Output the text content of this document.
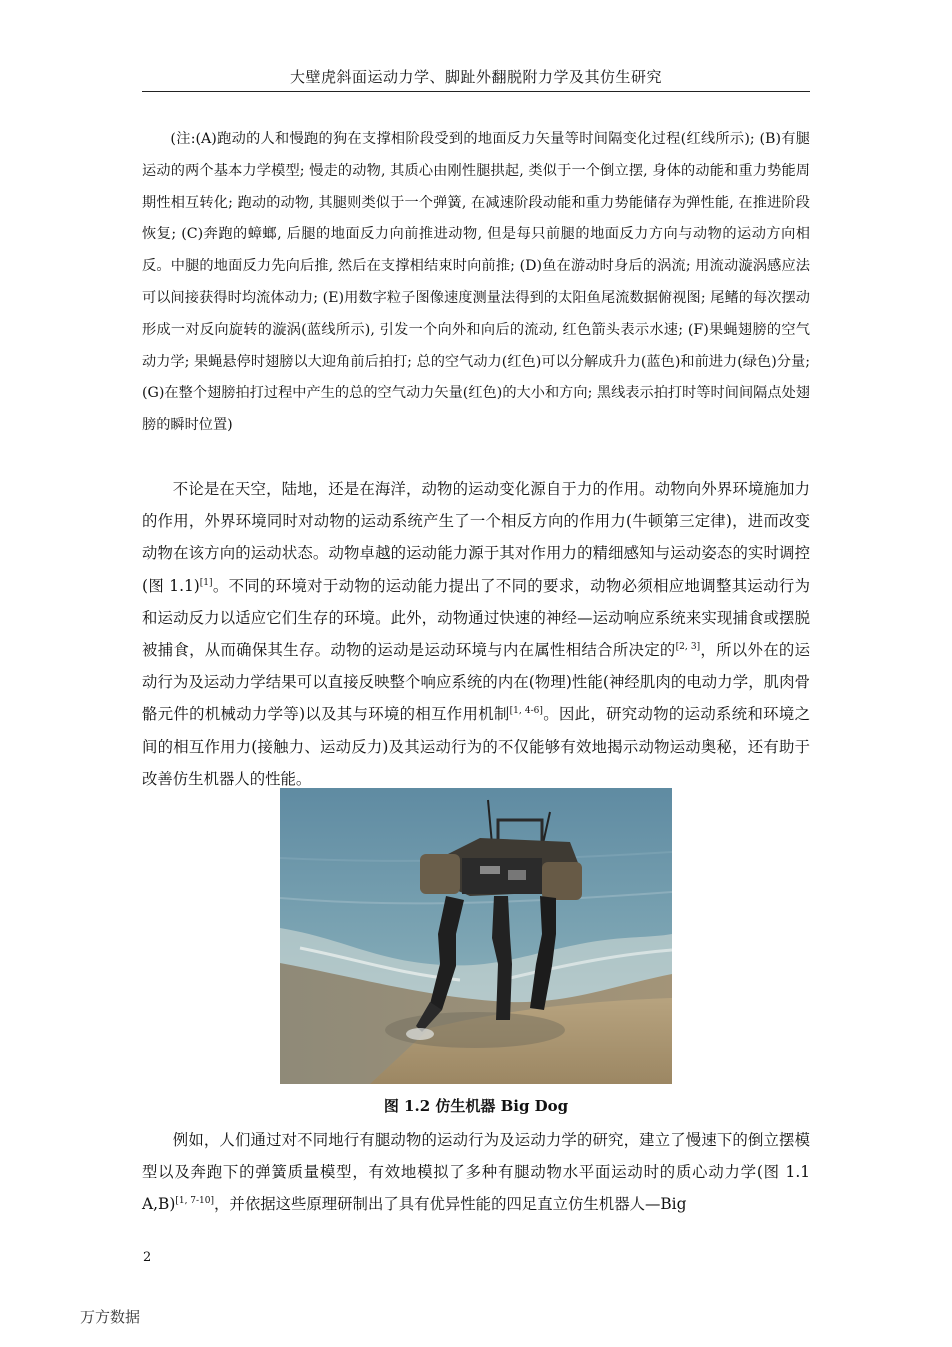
大壁虎斜面运动力学、脚趾外翻脱附力学及其仿生研究
(注:(A)跑动的人和慢跑的狗在支撑相阶段受到的地面反力矢量等时间隔变化过程(红线所示); (B)有腿运动的两个基本力学模型; 慢走的动物, 其质心由刚性腿拱起, 类似于一个倒立摆, 身体的动能和重力势能周期性相互转化; 跑动的动物, 其腿则类似于一个弹簧, 在减速阶段动能和重力势能储存为弹性能, 在推进阶段恢复; (C)奔跑的蟑螂, 后腿的地面反力向前推进动物, 但是每只前腿的地面反力方向与动物的运动方向相反。中腿的地面反力先向后推, 然后在支撑相结束时向前推; (D)鱼在游动时身后的涡流; 用流动漩涡感应法可以间接获得时均流体动力; (E)用数字粒子图像速度测量法得到的太阳鱼尾流数据俯视图; 尾鳍的每次摆动形成一对反向旋转的漩涡(蓝线所示), 引发一个向外和向后的流动, 红色箭头表示水速; (F)果蝇翅膀的空气动力学; 果蝇悬停时翅膀以大迎角前后拍打; 总的空气动力(红色)可以分解成升力(蓝色)和前进力(绿色)分量;(G)在整个翅膀拍打过程中产生的总的空气动力矢量(红色)的大小和方向; 黑线表示拍打时等时间间隔点处翅膀的瞬时位置)
不论是在天空，陆地，还是在海洋，动物的运动变化源自于力的作用。动物向外界环境施加力的作用，外界环境同时对动物的运动系统产生了一个相反方向的作用力(牛顿第三定律)，进而改变动物在该方向的运动状态。动物卓越的运动能力源于其对作用力的精细感知与运动姿态的实时调控(图 1.1)[1]。不同的环境对于动物的运动能力提出了不同的要求，动物必须相应地调整其运动行为和运动反力以适应它们生存的环境。此外，动物通过快速的神经—运动响应系统来实现捕食或摆脱被捕食，从而确保其生存。动物的运动是运动环境与内在属性相结合所决定的[2, 3]，所以外在的运动行为及运动力学结果可以直接反映整个响应系统的内在(物理)性能(神经肌肉的电动力学，肌肉骨骼元件的机械动力学等)以及其与环境的相互作用机制[1, 4-6]。因此，研究动物的运动系统和环境之间的相互作用力(接触力、运动反力)及其运动行为的不仅能够有效地揭示动物运动奥秘，还有助于改善仿生机器人的性能。
图 1.2 仿生机器 Big Dog
例如，人们通过对不同地行有腿动物的运动行为及运动力学的研究，建立了慢速下的倒立摆模型以及奔跑下的弹簧质量模型，有效地模拟了多种有腿动物水平面运动时的质心动力学(图 1.1 A,B)[1, 7-10]，并依据这些原理研制出了具有优异性能的四足直立仿生机器人—Big
2
万方数据
